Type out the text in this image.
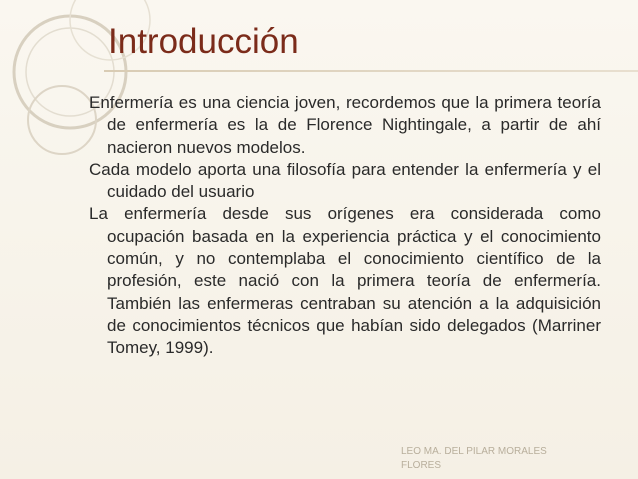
Introducción

Enfermería es una ciencia joven, recordemos que la primera teoría de enfermería es la de Florence Nightingale, a partir de ahí nacieron nuevos modelos.

Cada modelo aporta una filosofía para entender la enfermería y el cuidado del usuario

La enfermería desde sus orígenes era considerada como ocupación basada en la experiencia práctica y el conocimiento común, y no contemplaba el conocimiento científico de la profesión, este nació con la primera teoría de enfermería. También las enfermeras centraban su atención a la adquisición de conocimientos técnicos que habían sido delegados (Marriner Tomey, 1999).

LEO MA. DEL PILAR MORALES FLORES
